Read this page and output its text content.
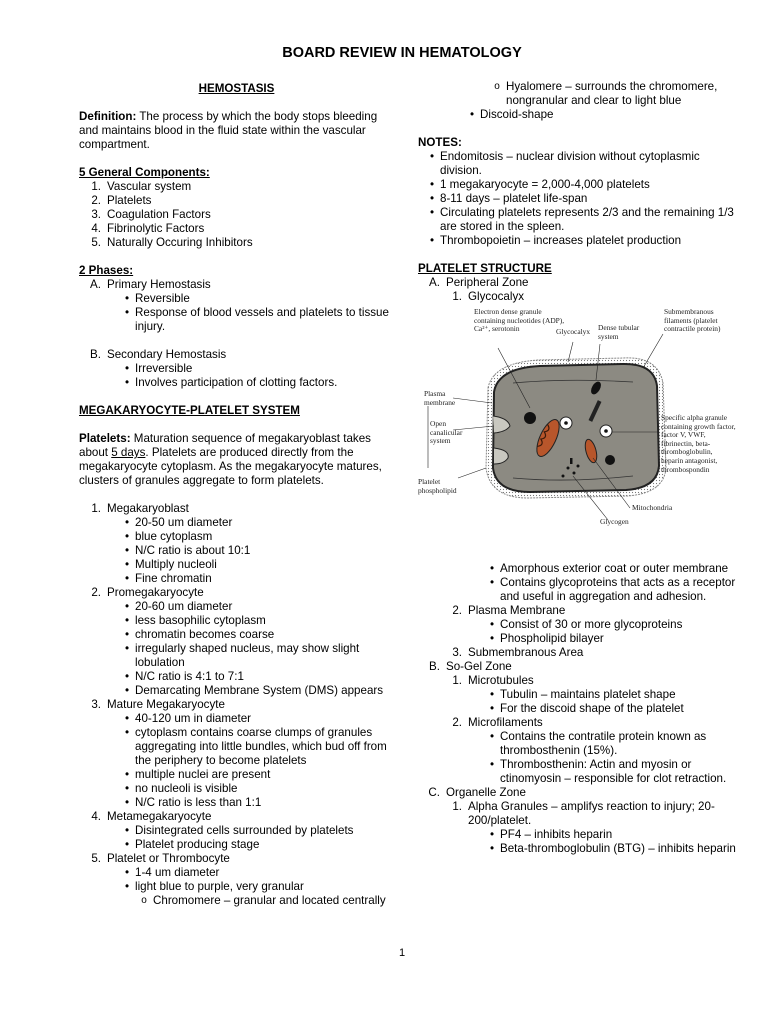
BOARD REVIEW IN HEMATOLOGY
HEMOSTASIS

Definition: The process by which the body stops bleeding and maintains blood in the fluid state within the vascular compartment.

5 General Components:
1. Vascular system
2. Platelets
3. Coagulation Factors
4. Fibrinolytic Factors
5. Naturally Occuring Inhibitors
2 Phases:
A. Primary Hemostasis
• Reversible
• Response of blood vessels and platelets to tissue injury.
B. Secondary Hemostasis
• Irreversible
• Involves participation of clotting factors.
MEGAKARYOCYTE-PLATELET SYSTEM

Platelets: Maturation sequence of megakaryoblast takes about 5 days. Platelets are produced directly from the megakaryocyte cytoplasm. As the megakaryocyte matures, clusters of granules aggregate to form platelets.

1. Megakaryoblast
• 20-50 um diameter
• blue cytoplasm
• N/C ratio is about 10:1
• Multiply nucleoli
• Fine chromatin
2. Promegakaryocyte
• 20-60 um diameter
• less basophilic cytoplasm
• chromatin becomes coarse
• irregularly shaped nucleus, may show slight lobulation
• N/C ratio is 4:1 to 7:1
• Demarcating Membrane System (DMS) appears
3. Mature Megakaryocyte
• 40-120 um in diameter
• cytoplasm contains coarse clumps of granules aggregating into little bundles, which bud off from the periphery to become platelets
• multiple nuclei are present
• no nucleoli is visible
• N/C ratio is less than 1:1
4. Metamegakaryocyte
• Disintegrated cells surrounded by platelets
• Platelet producing stage
5. Platelet or Thrombocyte
• 1-4 um diameter
• light blue to purple, very granular
o Chromomere – granular and located centrally
o Hyalomere – surrounds the chromomere, nongranular and clear to light blue
• Discoid-shape
NOTES:
• Endomitosis – nuclear division without cytoplasmic division.
• 1 megakaryocyte = 2,000-4,000 platelets
• 8-11 days – platelet life-span
• Circulating platelets represents 2/3 and the remaining 1/3 are stored in the spleen.
• Thrombopoietin – increases platelet production
PLATELET STRUCTURE
A. Peripheral Zone
1. Glycocalyx
Electron dense granule containing nucleotides (ADP), Ca²⁺, serotonin	Glycocalyx	Dense tubular system
Submembranous filaments (platelet contractile protein)
Plasma membrane
Open canalicular system
Specific alpha granule containing growth factor, factor V, VWF, fibrinectin, beta-thromboglobulin, heparin antagonist, thrombospondin
Platelet phospholipid
Mitochondria
Glycogen
• Amorphous exterior coat or outer membrane
• Contains glycoproteins that acts as a receptor and useful in aggregation and adhesion.
2. Plasma Membrane
• Consist of 30 or more glycoproteins
• Phospholipid bilayer
3. Submembranous Area
B. So-Gel Zone
1. Microtubules
• Tubulin – maintains platelet shape
• For the discoid shape of the platelet
2. Microfilaments
• Contains the contratile protein known as thrombosthenin (15%).
• Thrombosthenin: Actin and myosin or ctinomyosin – responsible for clot retraction.
C. Organelle Zone
1. Alpha Granules – amplifys reaction to injury; 20-200/platelet.
• PF4 – inhibits heparin
• Beta-thromboglobulin (BTG) – inhibits heparin
1
